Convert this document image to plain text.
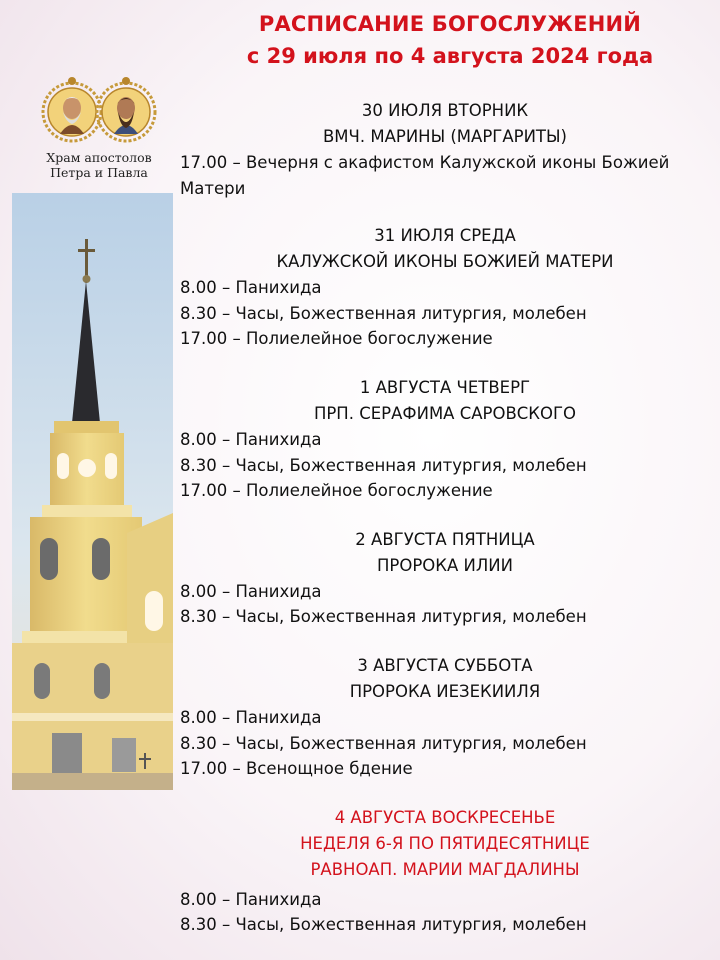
РАСПИСАНИЕ БОГОСЛУЖЕНИЙ
с 29 июля по 4 августа 2024 года
Храм апостолов
Петра и Павла
30 ИЮЛЯ ВТОРНИК
ВМЧ. МАРИНЫ (МАРГАРИТЫ)
17.00 – Вечерня с акафистом Калужской иконы Божией Матери
31 ИЮЛЯ СРЕДА
КАЛУЖСКОЙ ИКОНЫ БОЖИЕЙ МАТЕРИ
8.00 – Панихида
8.30 – Часы, Божественная литургия, молебен
17.00 – Полиелейное богослужение
1 АВГУСТА ЧЕТВЕРГ
ПРП. СЕРАФИМА САРОВСКОГО
8.00 – Панихида
8.30 – Часы, Божественная литургия, молебен
17.00 – Полиелейное богослужение
2 АВГУСТА ПЯТНИЦА
ПРОРОКА ИЛИИ
8.00 – Панихида
8.30 – Часы, Божественная литургия, молебен
3 АВГУСТА СУББОТА
ПРОРОКА ИЕЗЕКИИЛЯ
8.00 – Панихида
8.30 – Часы, Божественная литургия, молебен
17.00 – Всенощное бдение
4 АВГУСТА ВОСКРЕСЕНЬЕ
НЕДЕЛЯ 6-Я ПО ПЯТИДЕСЯТНИЦЕ
РАВНОАП. МАРИИ МАГДАЛИНЫ
8.00 – Панихида
8.30 – Часы, Божественная литургия, молебен
